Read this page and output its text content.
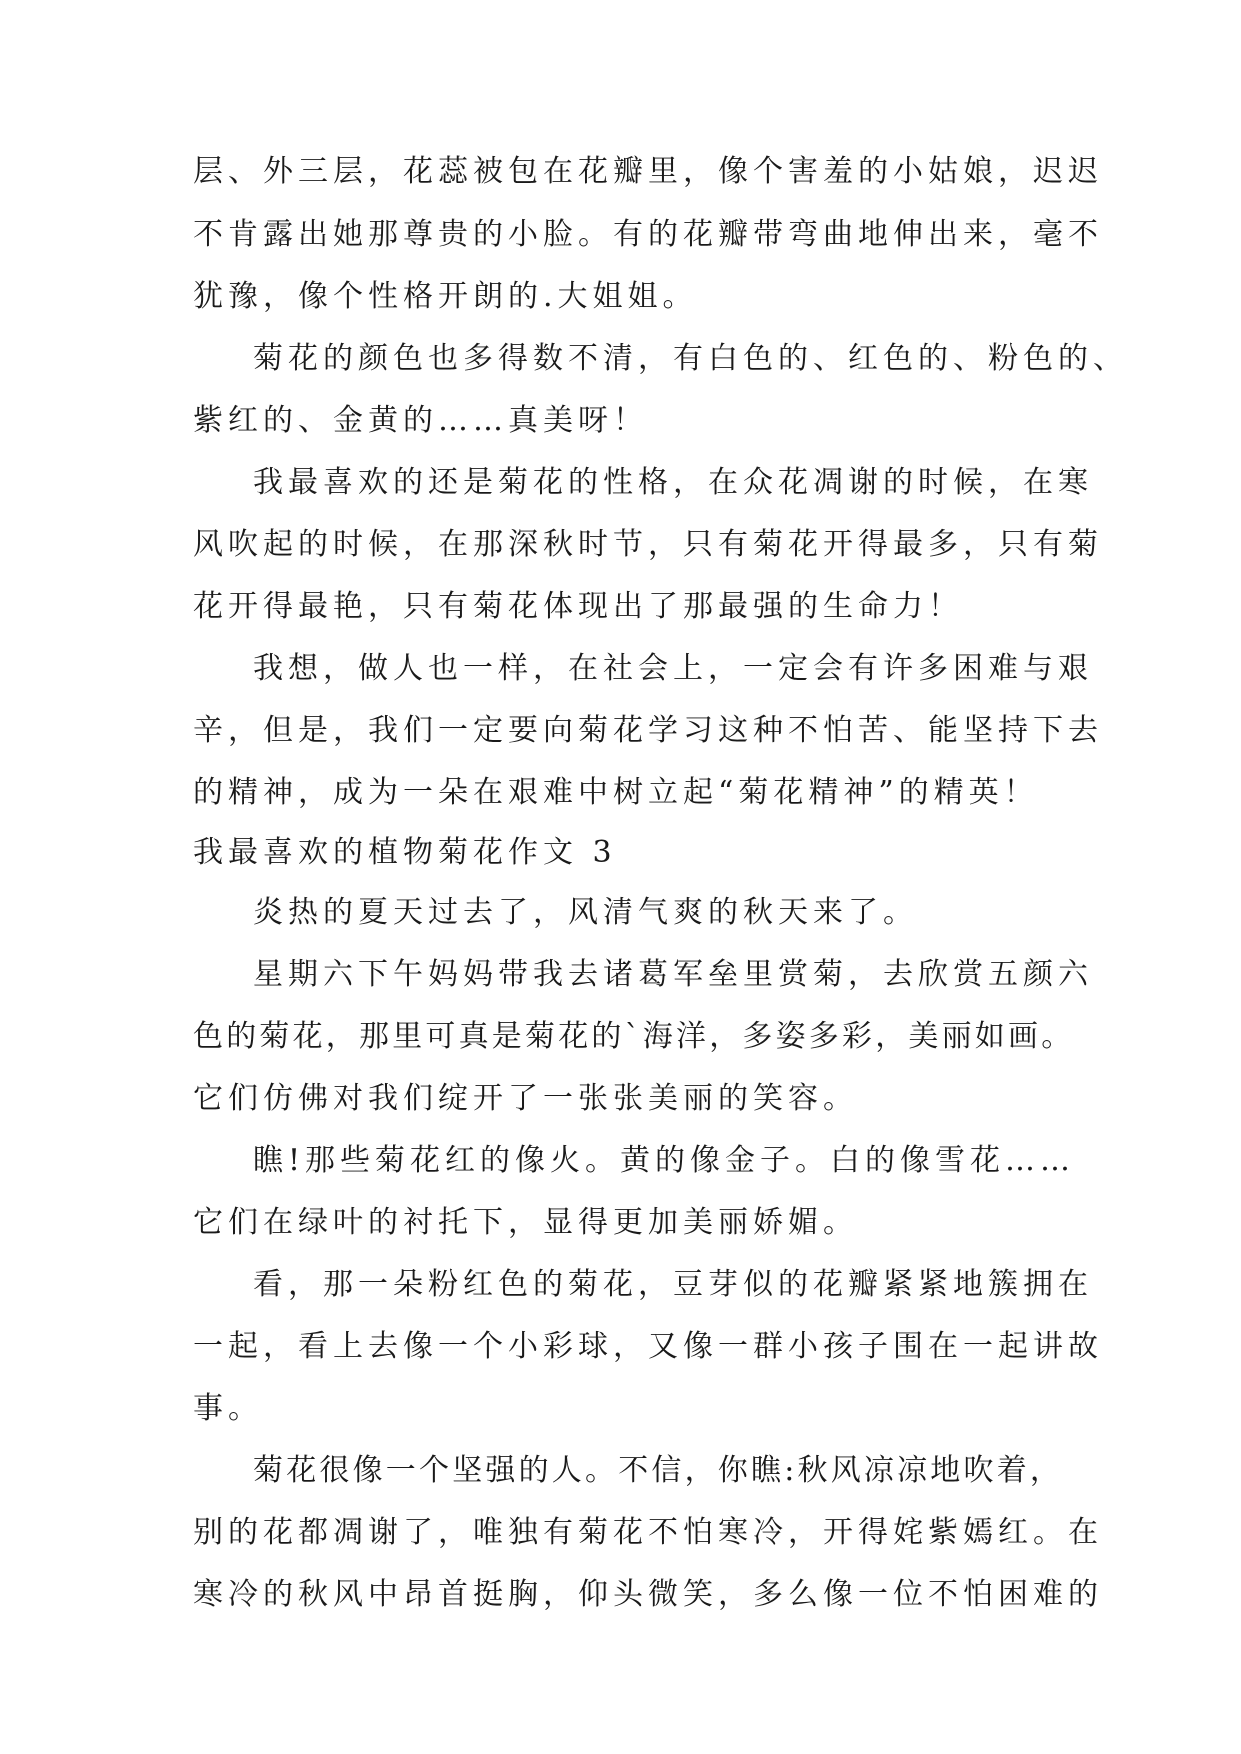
层、外三层，花蕊被包在花瓣里，像个害羞的小姑娘，迟迟
不肯露出她那尊贵的小脸。有的花瓣带弯曲地伸出来，毫不
犹豫，像个性格开朗的.大姐姐。
菊花的颜色也多得数不清，有白色的、红色的、粉色的、
紫红的、金黄的……真美呀！
我最喜欢的还是菊花的性格，在众花凋谢的时候，在寒
风吹起的时候，在那深秋时节，只有菊花开得最多，只有菊
花开得最艳，只有菊花体现出了那最强的生命力！
我想，做人也一样，在社会上，一定会有许多困难与艰
辛，但是，我们一定要向菊花学习这种不怕苦、能坚持下去
的精神，成为一朵在艰难中树立起“菊花精神”的精英！
我最喜欢的植物菊花作文 3
炎热的夏天过去了，风清气爽的秋天来了。
星期六下午妈妈带我去诸葛军垒里赏菊，去欣赏五颜六
色的菊花，那里可真是菊花的`海洋，多姿多彩，美丽如画。
它们仿佛对我们绽开了一张张美丽的笑容。
瞧!那些菊花红的像火。黄的像金子。白的像雪花……
它们在绿叶的衬托下，显得更加美丽娇媚。
看，那一朵粉红色的菊花，豆芽似的花瓣紧紧地簇拥在
一起，看上去像一个小彩球，又像一群小孩子围在一起讲故
事。
菊花很像一个坚强的人。不信，你瞧:秋风凉凉地吹着，
别的花都凋谢了，唯独有菊花不怕寒冷，开得姹紫嫣红。在
寒冷的秋风中昂首挺胸，仰头微笑，多么像一位不怕困难的
